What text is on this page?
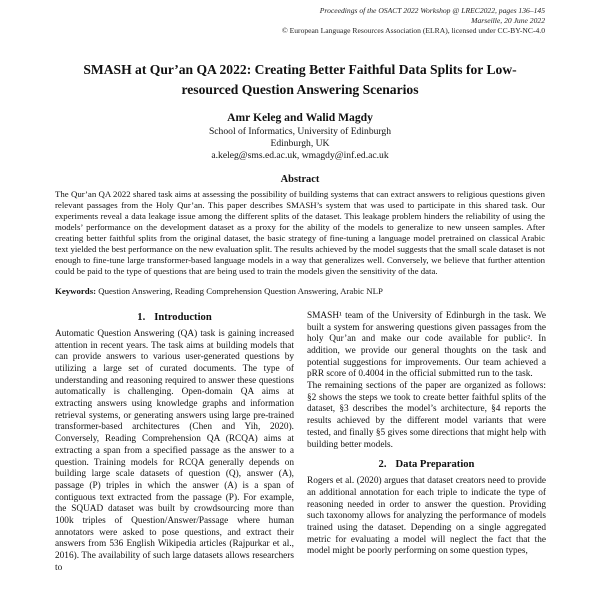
Proceedings of the OSACT 2022 Workshop @ LREC2022, pages 136–145
Marseille, 20 June 2022
© European Language Resources Association (ELRA), licensed under CC-BY-NC-4.0
SMASH at Qur’an QA 2022: Creating Better Faithful Data Splits for Low-resourced Question Answering Scenarios
Amr Keleg and Walid Magdy
School of Informatics, University of Edinburgh
Edinburgh, UK
a.keleg@sms.ed.ac.uk, wmagdy@inf.ed.ac.uk
Abstract
The Qur’an QA 2022 shared task aims at assessing the possibility of building systems that can extract answers to religious questions given relevant passages from the Holy Qur’an. This paper describes SMASH’s system that was used to participate in this shared task. Our experiments reveal a data leakage issue among the different splits of the dataset. This leakage problem hinders the reliability of using the models’ performance on the development dataset as a proxy for the ability of the models to generalize to new unseen samples. After creating better faithful splits from the original dataset, the basic strategy of fine-tuning a language model pretrained on classical Arabic text yielded the best performance on the new evaluation split. The results achieved by the model suggests that the small scale dataset is not enough to fine-tune large transformer-based language models in a way that generalizes well. Conversely, we believe that further attention could be paid to the type of questions that are being used to train the models given the sensitivity of the data.
Keywords: Question Answering, Reading Comprehension Question Answering, Arabic NLP
1. Introduction

Automatic Question Answering (QA) task is gaining increased attention in recent years. The task aims at building models that can provide answers to various user-generated questions by utilizing a large set of curated documents. The type of understanding and reasoning required to answer these questions automatically is challenging. Open-domain QA aims at extracting answers using knowledge graphs and information retrieval systems, or generating answers using large pre-trained transformer-based architectures (Chen and Yih, 2020). Conversely, Reading Comprehension QA (RCQA) aims at extracting a span from a specified passage as the answer to a question. Training models for RCQA generally depends on building large scale datasets of question (Q), answer (A), passage (P) triples in which the answer (A) is a span of contiguous text extracted from the passage (P). For example, the SQUAD dataset was built by crowdsourcing more than 100k triples of Question/Answer/Passage where human annotators were asked to pose questions, and extract their answers from 536 English Wikipedia articles (Rajpurkar et al., 2016). The availability of such large datasets allows researchers to

SMASH¹ team of the University of Edinburgh in the task. We built a system for answering questions given passages from the holy Qur’an and make our code available for public². In addition, we provide our general thoughts on the task and potential suggestions for improvements. Our team achieved a pRR score of 0.4004 in the official submitted run to the task.

The remaining sections of the paper are organized as follows: §2 shows the steps we took to create better faithful splits of the dataset, §3 describes the model’s architecture, §4 reports the results achieved by the different model variants that were tested, and finally §5 gives some directions that might help with building better models.

2. Data Preparation

Rogers et al. (2020) argues that dataset creators need to provide an additional annotation for each triple to indicate the type of reasoning needed in order to answer the question. Providing such taxonomy allows for analyzing the performance of models trained using the dataset. Depending on a single aggregated metric for evaluating a model will neglect the fact that the model might be poorly performing on some question types,
